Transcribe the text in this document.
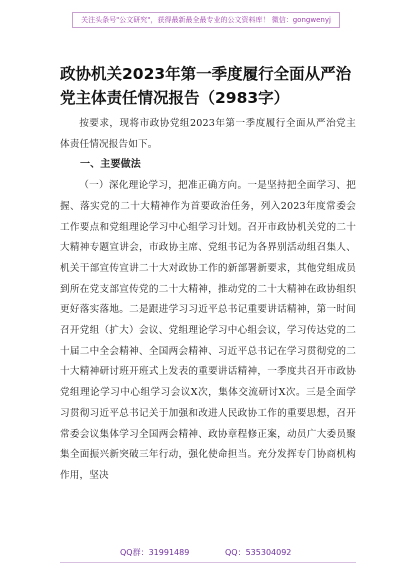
关注头条号"公文研究"，获得最新最全最专业的公文资料库！ 微信：gongwenyj
政协机关2023年第一季度履行全面从严治党主体责任情况报告（2983字）

按要求，现将市政协党组2023年第一季度履行全面从严治党主体责任情况报告如下。

一、主要做法

（一）深化理论学习，把准正确方向。一是坚持把全面学习、把握、落实党的二十大精神作为首要政治任务，列入2023年度常委会工作要点和党组理论学习中心组学习计划。召开市政协机关党的二十大精神专题宣讲会，市政协主席、党组书记为各界别活动组召集人、机关干部宣传宣讲二十大对政协工作的新部署新要求，其他党组成员到所在党支部宣传党的二十大精神，推动党的二十大精神在政协组织更好落实落地。二是跟进学习习近平总书记重要讲话精神，第一时间召开党组（扩大）会议、党组理论学习中心组会议，学习传达党的二十届二中全会精神、全国两会精神、习近平总书记在学习贯彻党的二十大精神研讨班开班式上发表的重要讲话精神，一季度共召开市政协党组理论学习中心组学习会议X次，集体交流研讨X次。三是全面学习贯彻习近平总书记关于加强和改进人民政协工作的重要思想，召开常委会议集体学习全国两会精神、政协章程修正案，动员广大委员聚集全面振兴新突破三年行动，强化使命担当。充分发挥专门协商机构作用，坚决

QQ群：31991489	QQ：535304092
